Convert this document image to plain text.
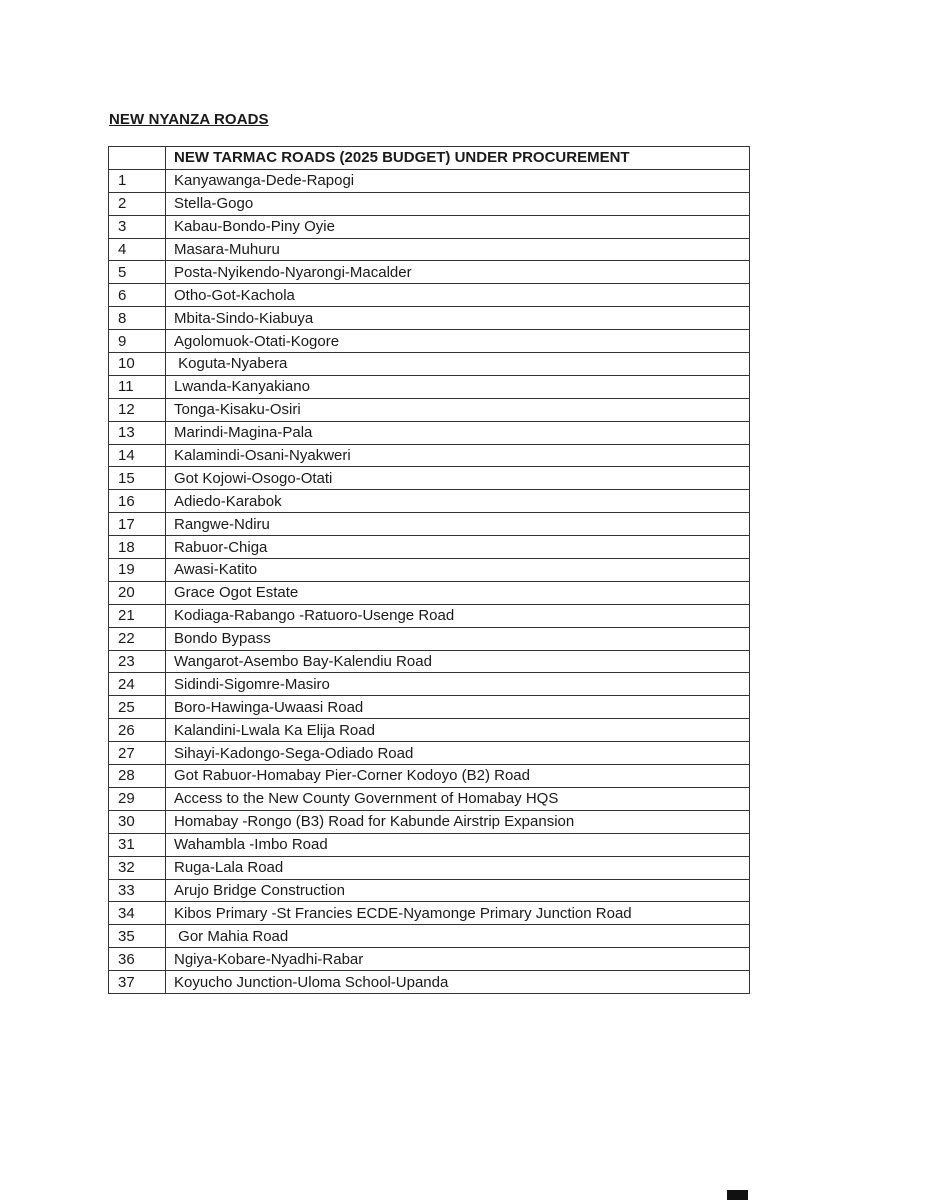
NEW NYANZA ROADS
	NEW TARMAC ROADS (2025 BUDGET) UNDER PROCUREMENT
1	Kanyawanga-Dede-Rapogi
2	Stella-Gogo
3	Kabau-Bondo-Piny Oyie
4	Masara-Muhuru
5	Posta-Nyikendo-Nyarongi-Macalder
6	Otho-Got-Kachola
8	Mbita-Sindo-Kiabuya
9	Agolomuok-Otati-Kogore
10	Koguta-Nyabera
11	Lwanda-Kanyakiano
12	Tonga-Kisaku-Osiri
13	Marindi-Magina-Pala
14	Kalamindi-Osani-Nyakweri
15	Got Kojowi-Osogo-Otati
16	Adiedo-Karabok
17	Rangwe-Ndiru
18	Rabuor-Chiga
19	Awasi-Katito
20	Grace Ogot Estate
21	Kodiaga-Rabango -Ratuoro-Usenge Road
22	Bondo Bypass
23	Wangarot-Asembo Bay-Kalendiu Road
24	Sidindi-Sigomre-Masiro
25	Boro-Hawinga-Uwaasi Road
26	Kalandini-Lwala Ka Elija Road
27	Sihayi-Kadongo-Sega-Odiado Road
28	Got Rabuor-Homabay Pier-Corner Kodoyo (B2) Road
29	Access to the New County Government of Homabay HQS
30	Homabay -Rongo (B3) Road for Kabunde Airstrip Expansion
31	Wahambla -Imbo Road
32	Ruga-Lala Road
33	Arujo Bridge Construction
34	Kibos Primary -St Francies ECDE-Nyamonge Primary Junction Road
35	Gor Mahia Road
36	Ngiya-Kobare-Nyadhi-Rabar
37	Koyucho Junction-Uloma School-Upanda
